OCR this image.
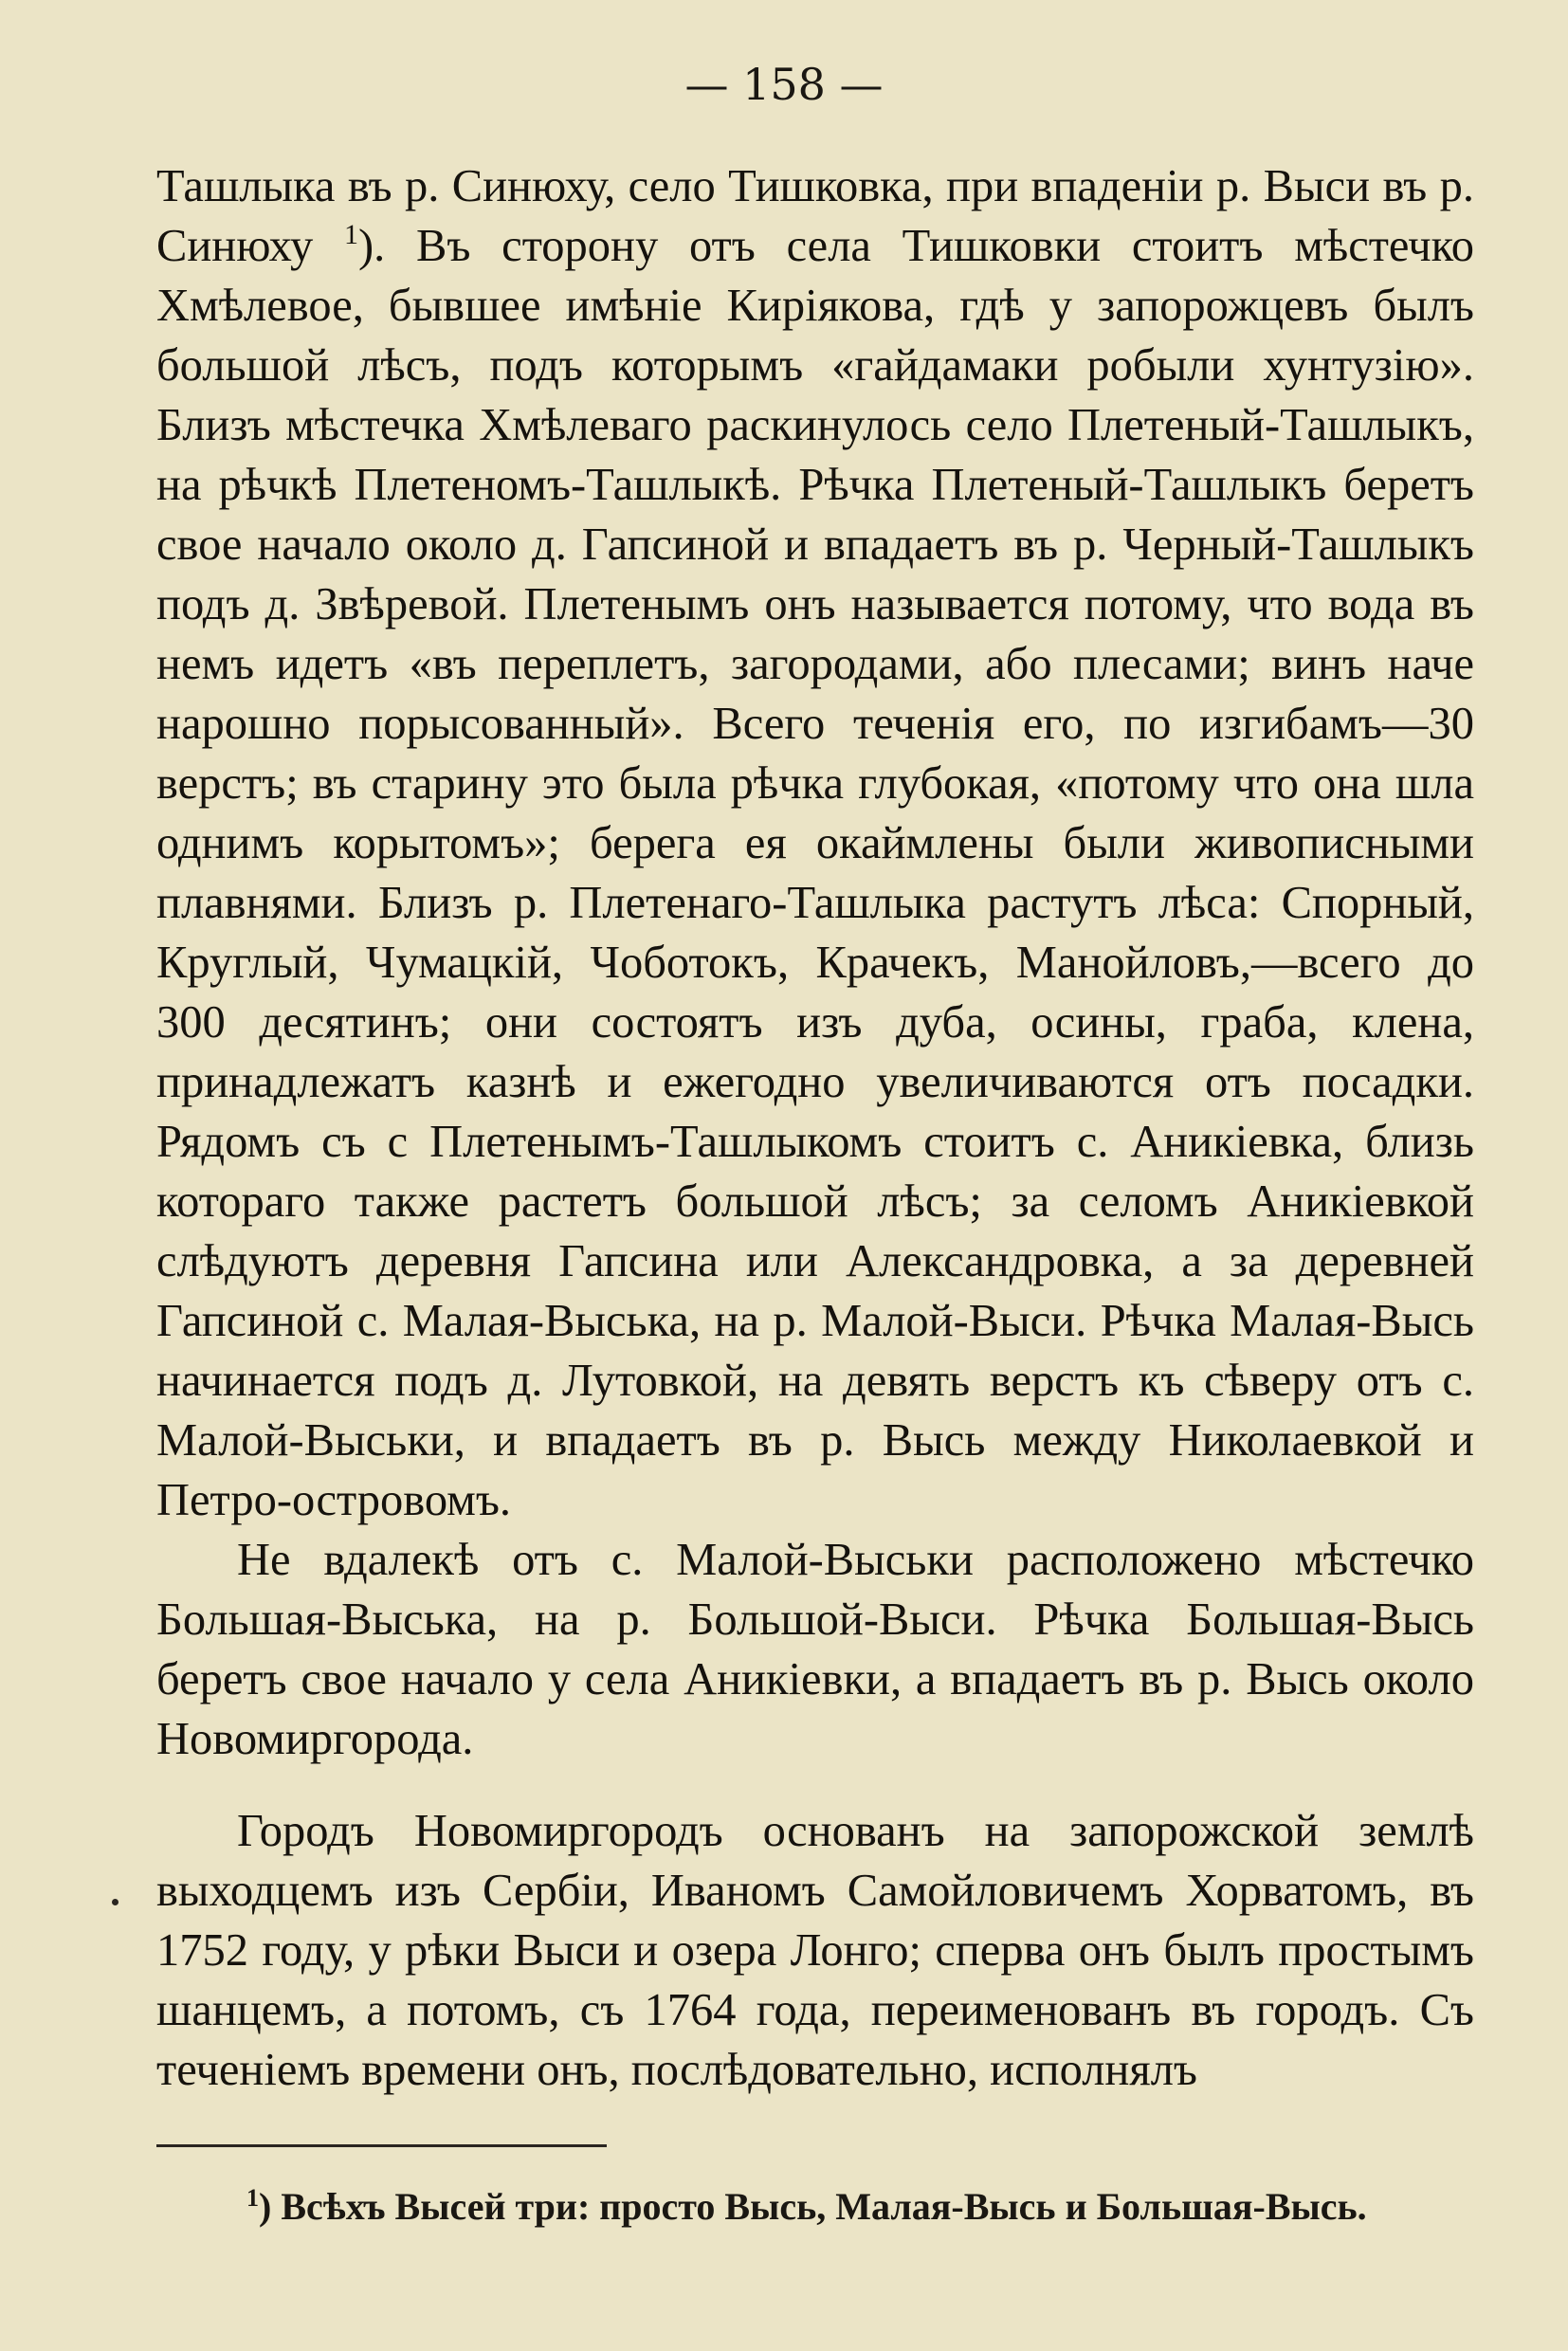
— 158 —

Ташлыка въ р. Синюху, село Тишковка, при впаденіи р. Выси въ р. Синюху $^1$). Въ сторону отъ села Тишковки стоитъ мѣстечко Хмѣлевое, бывшее имѣніе Киріякова, гдѣ у запорожцевъ былъ большой лѣсъ, подъ которымъ «гайдамаки робыли хунтузію». Близъ мѣстечка Хмѣлеваго раскинулось село Плетеный-Ташлыкъ, на рѣчкѣ Плетеномъ-Ташлыкѣ. Рѣчка Плетеный-Ташлыкъ беретъ свое начало около д. Гапсиной и впадаетъ въ р. Черный-Ташлыкъ подъ д. Звѣревой. Плетенымъ онъ называется потому, что вода въ немъ идетъ «въ переплетъ, загородами, або плесами; винъ наче нарошно порысованный». Всего теченія его, по изгибамъ—30 верстъ; въ старину это была рѣчка глубокая, «потому что она шла однимъ корытомъ»; берега ея окаймлены были живописными плавнями. Близъ р. Плетенаго-Ташлыка растутъ лѣса: Спорный, Круглый, Чумацкій, Чоботокъ, Крачекъ, Манойловъ,—всего до 300 десятинъ; они состоятъ изъ дуба, осины, граба, клена, принадлежатъ казнѣ и ежегодно увеличиваются отъ посадки. Рядомъ съ с Плетенымъ-Ташлыкомъ стоитъ с. Аникіевка, близь котораго также растетъ большой лѣсъ; за селомъ Аникіевкой слѣдуютъ деревня Гапсина или Александровка, а за деревней Гапсиной с. Малая-Выська, на р. Малой-Выси. Рѣчка Малая-Высь начинается подъ д. Лутовкой, на девять верстъ къ сѣверу отъ с. Малой-Выськи, и впадаетъ въ р. Высь между Николаевкой и Петро-островомъ.

Не вдалекѣ отъ с. Малой-Выськи расположено мѣстечко Большая-Выська, на р. Большой-Выси. Рѣчка Большая-Высь беретъ свое начало у села Аникіевки, а впадаетъ въ р. Высь около Новомиргорода.

Городъ Новомиргородъ основанъ на запорожской землѣ выходцемъ изъ Сербіи, Иваномъ Самойловичемъ Хорватомъ, въ 1752 году, у рѣки Выси и озера Лонго; сперва онъ былъ простымъ шанцемъ, а потомъ, съ 1764 года, переименованъ въ городъ. Съ теченіемъ времени онъ, послѣдовательно, исполнялъ

$^1$) Всѣхъ Высей три: просто Высь, Малая-Высь и Большая-Высь.
